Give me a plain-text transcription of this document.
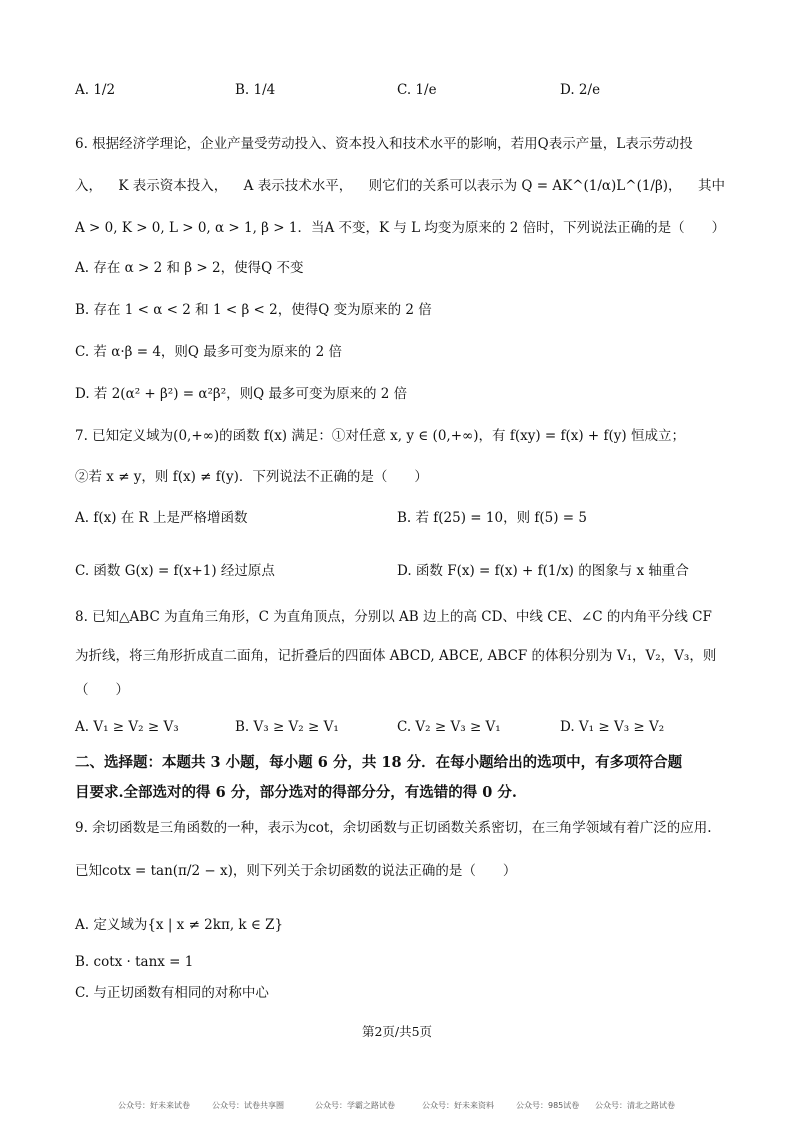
A. 1/2	B. 1/4	C. 1/e	D. 2/e
6. 根据经济学理论，企业产量受劳动投入、资本投入和技术水平的影响，若用Q表示产量，L表示劳动投
入， K 表示资本投入， A 表示技术水平， 则它们的关系可以表示为 Q = AK^(1/α)L^(1/β)， 其中
A > 0, K > 0, L > 0, α > 1, β > 1．当A 不变，K 与 L 均变为原来的 2 倍时，下列说法正确的是（　　）
A. 存在 α > 2 和 β > 2，使得Q 不变
B. 存在 1 < α < 2 和 1 < β < 2，使得Q 变为原来的 2 倍
C. 若 α·β = 4，则Q 最多可变为原来的 2 倍
D. 若 2(α² + β²) = α²β²，则Q 最多可变为原来的 2 倍
7. 已知定义域为(0,+∞)的函数 f(x) 满足：①对任意 x, y ∈ (0,+∞)，有 f(xy) = f(x) + f(y) 恒成立；
②若 x ≠ y，则 f(x) ≠ f(y)．下列说法不正确的是（　　）
A. f(x) 在 R 上是严格增函数	B. 若 f(25) = 10，则 f(5) = 5
C. 函数 G(x) = f(x+1) 经过原点	D. 函数 F(x) = f(x) + f(1/x) 的图象与 x 轴重合
8. 已知△ABC 为直角三角形，C 为直角顶点，分别以 AB 边上的高 CD、中线 CE、∠C 的内角平分线 CF
为折线，将三角形折成直二面角，记折叠后的四面体 ABCD, ABCE, ABCF 的体积分别为 V₁，V₂，V₃，则
（　　）
A. V₁ ≥ V₂ ≥ V₃	B. V₃ ≥ V₂ ≥ V₁	C. V₂ ≥ V₃ ≥ V₁	D. V₁ ≥ V₃ ≥ V₂
二、选择题：本题共 3 小题，每小题 6 分，共 18 分．在每小题给出的选项中，有多项符合题
目要求.全部选对的得 6 分，部分选对的得部分分，有选错的得 0 分.
9. 余切函数是三角函数的一种，表示为cot，余切函数与正切函数关系密切，在三角学领域有着广泛的应用.
已知cotx = tan(π/2 − x)，则下列关于余切函数的说法正确的是（　　）
A. 定义域为{x | x ≠ 2kπ, k ∈ Z}
B. cotx · tanx = 1
C. 与正切函数有相同的对称中心
第2页/共5页
公众号：好未来试卷	公众号：试卷共享圈	公众号：学霸之路试卷	公众号：好未来资料	公众号：985试卷 公众号：清北之路试卷
